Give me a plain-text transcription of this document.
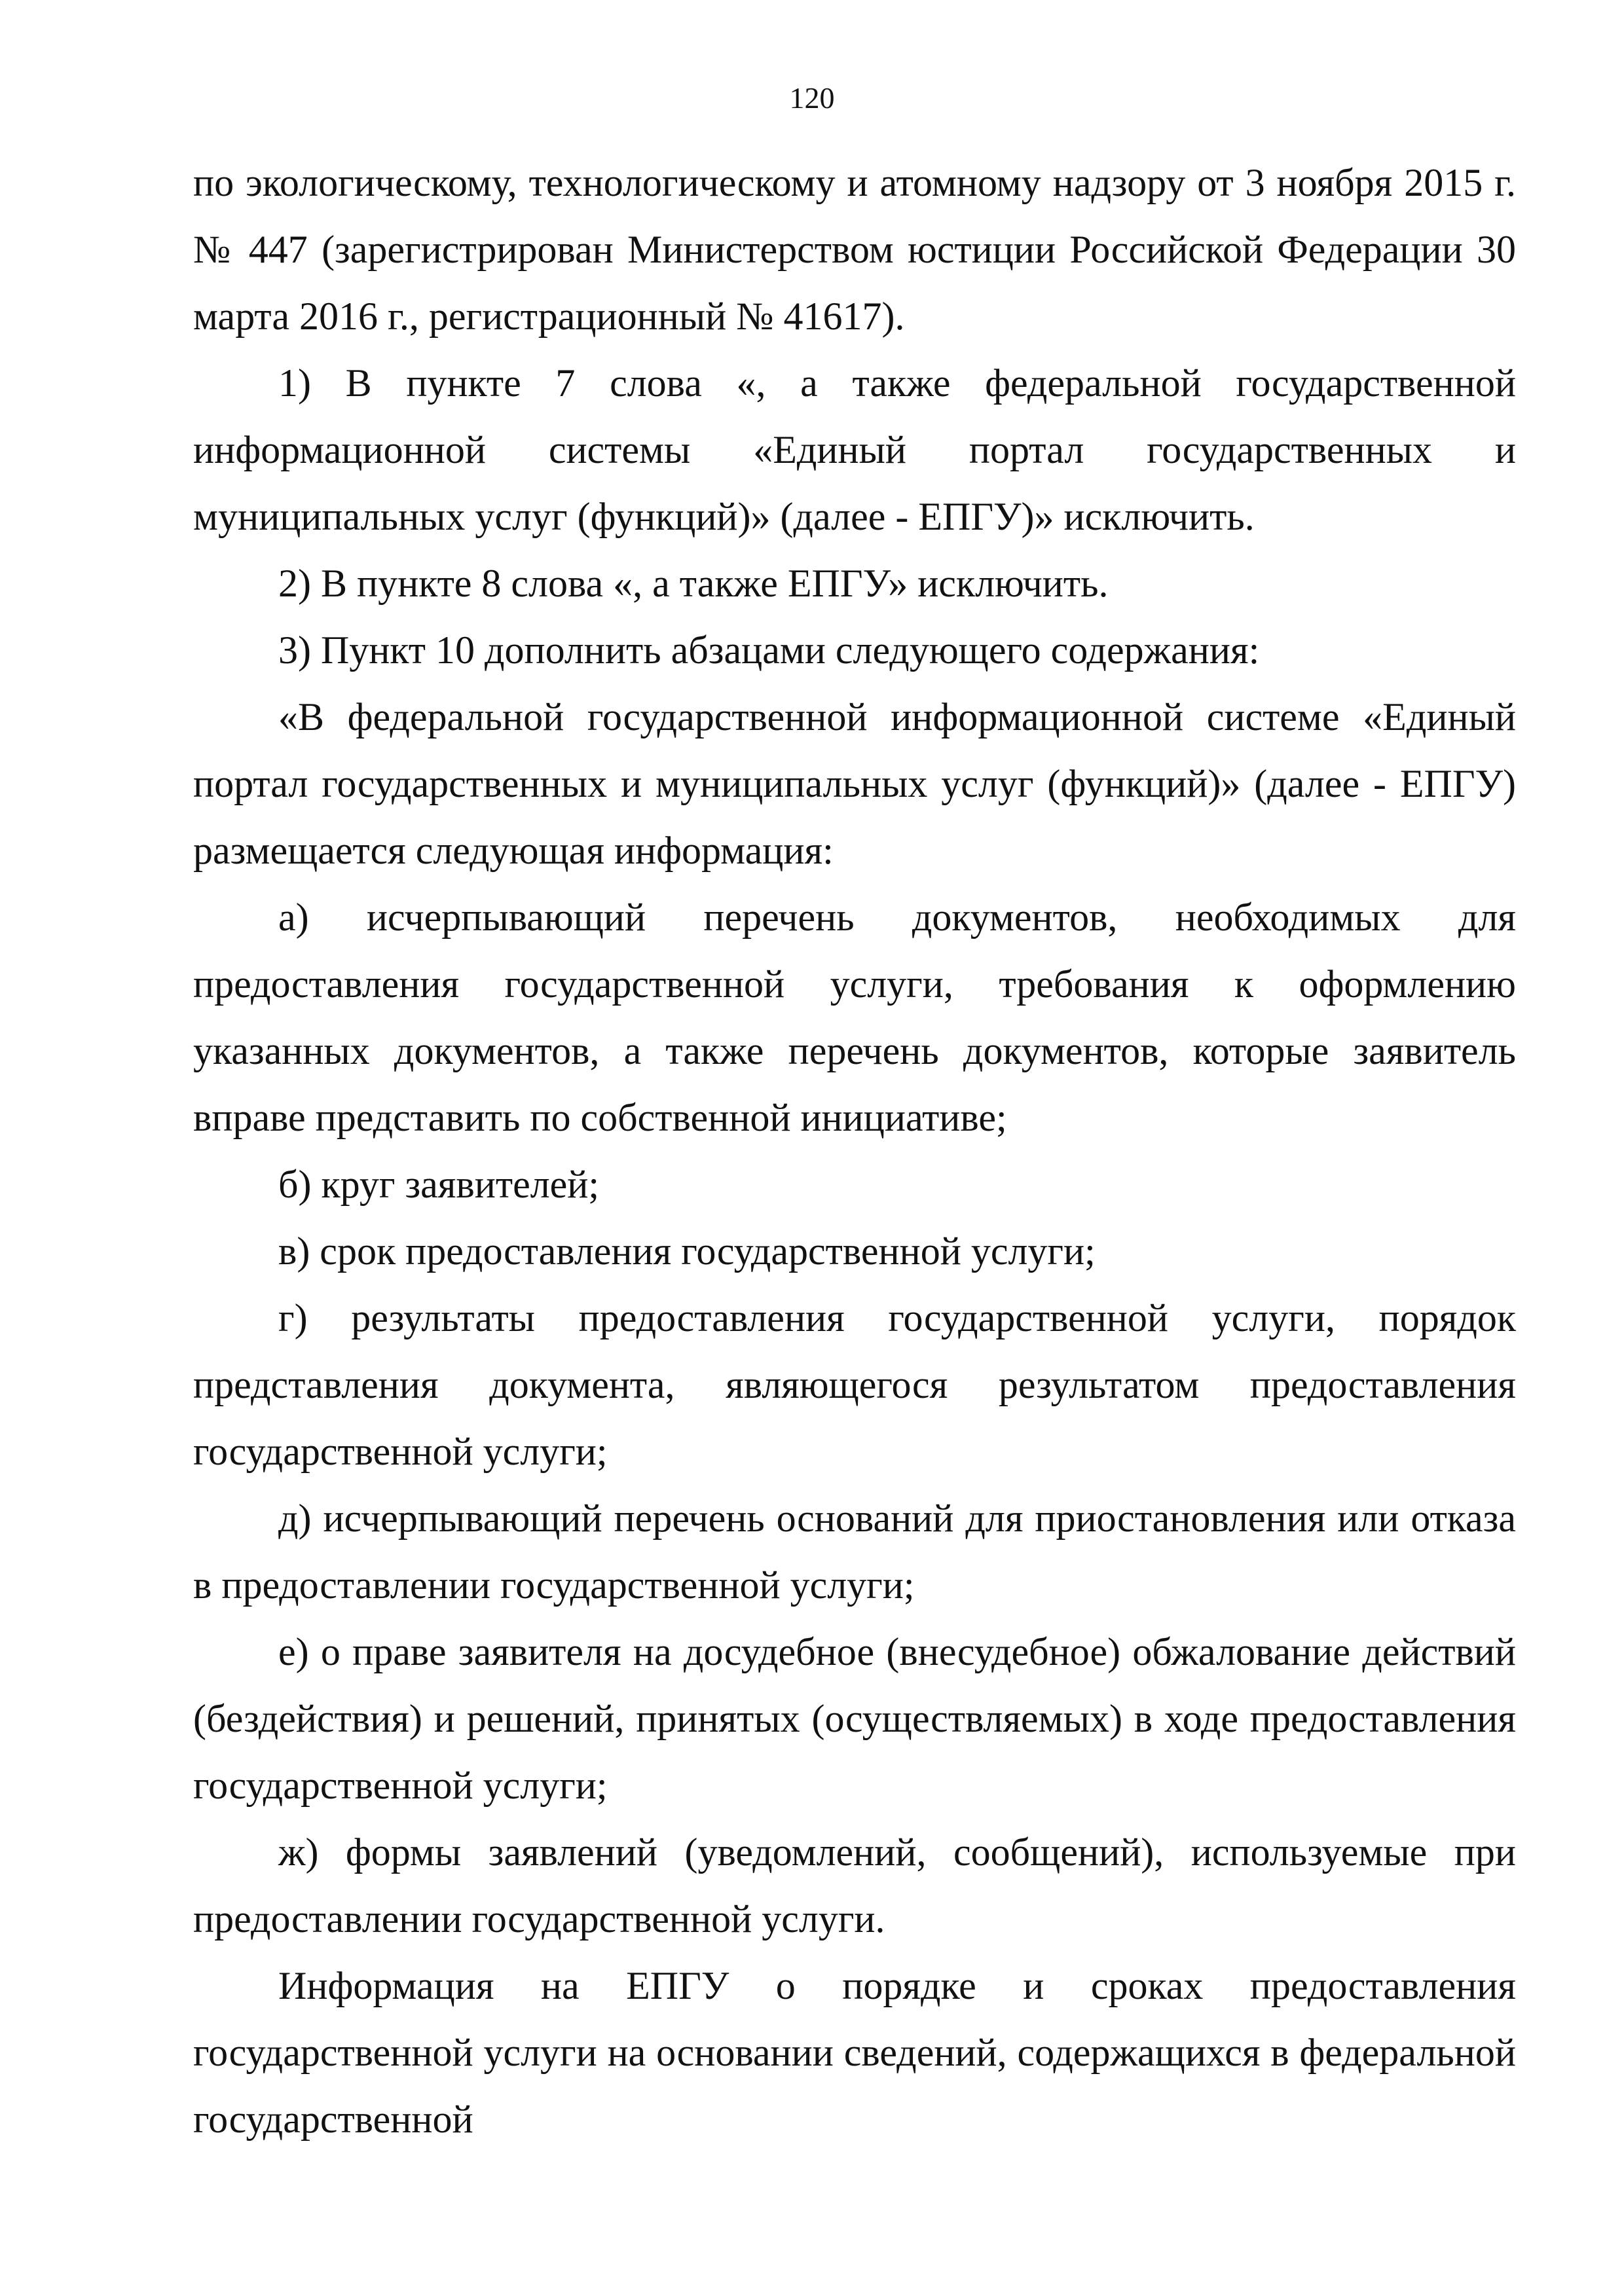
120

по экологическому, технологическому и атомному надзору от 3 ноября 2015 г. № 447 (зарегистрирован Министерством юстиции Российской Федерации 30 марта 2016 г., регистрационный № 41617).

1) В пункте 7 слова «, а также федеральной государственной информационной системы «Единый портал государственных и муниципальных услуг (функций)» (далее - ЕПГУ)» исключить.

2) В пункте 8 слова «, а также ЕПГУ» исключить.

3) Пункт 10 дополнить абзацами следующего содержания:

«В федеральной государственной информационной системе «Единый портал государственных и муниципальных услуг (функций)» (далее - ЕПГУ) размещается следующая информация:

а) исчерпывающий перечень документов, необходимых для предоставления государственной услуги, требования к оформлению указанных документов, а также перечень документов, которые заявитель вправе представить по собственной инициативе;

б) круг заявителей;

в) срок предоставления государственной услуги;

г) результаты предоставления государственной услуги, порядок представления документа, являющегося результатом предоставления государственной услуги;

д) исчерпывающий перечень оснований для приостановления или отказа в предоставлении государственной услуги;

е) о праве заявителя на досудебное (внесудебное) обжалование действий (бездействия) и решений, принятых (осуществляемых) в ходе предоставления государственной услуги;

ж) формы заявлений (уведомлений, сообщений), используемые при предоставлении государственной услуги.

Информация на ЕПГУ о порядке и сроках предоставления государственной услуги на основании сведений, содержащихся в федеральной государственной
